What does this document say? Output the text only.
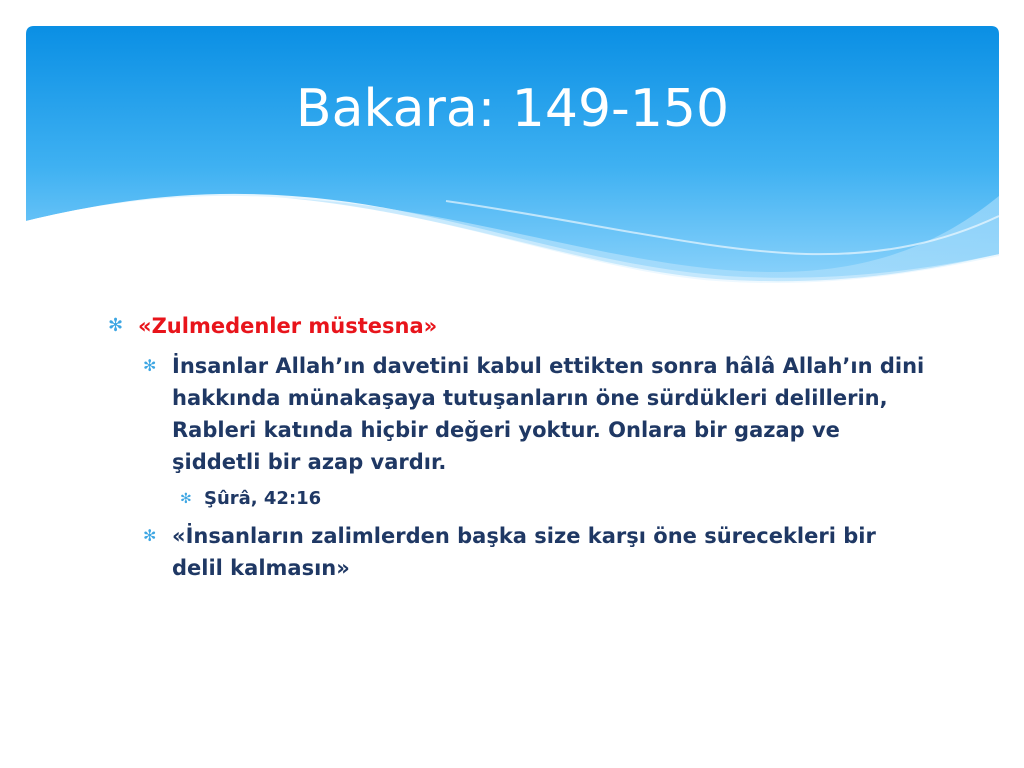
Bakara: 149-150
✻ «Zulmedenler müstesna»
✻ İnsanlar Allah’ın davetini kabul ettikten sonra hâlâ Allah’ın dini hakkında münakaşaya tutuşanların öne sürdükleri delillerin, Rableri katında hiçbir değeri yoktur. Onlara bir gazap ve şiddetli bir azap vardır.
✻ Şûrâ, 42:16
✻ «İnsanların zalimlerden başka size karşı öne sürecekleri bir delil kalmasın»
